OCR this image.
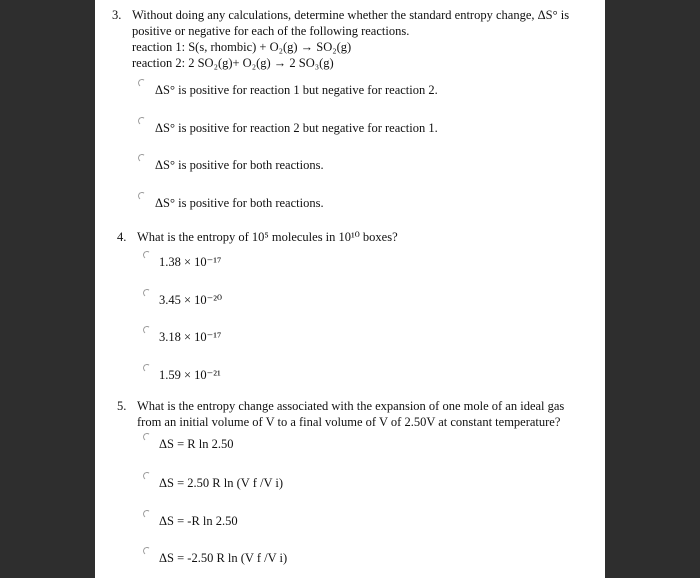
3. Without doing any calculations, determine whether the standard entropy change, ΔS° is
positive or negative for each of the following reactions.
reaction 1: S(s, rhombic) + O₂(g) → SO₂(g)
reaction 2: 2 SO₂(g)+ O₂(g) → 2 SO₃(g)
ΔS° is positive for reaction 1 but negative for reaction 2.
ΔS° is positive for reaction 2 but negative for reaction 1.
ΔS° is positive for both reactions.
ΔS° is positive for both reactions.
4. What is the entropy of 10⁵ molecules in 10¹⁰ boxes?
1.38 × 10⁻¹⁷
3.45 × 10⁻²⁰
3.18 × 10⁻¹⁷
1.59 × 10⁻²¹
5. What is the entropy change associated with the expansion of one mole of an ideal gas
from an initial volume of V to a final volume of V of 2.50V at constant temperature?
ΔS = R ln 2.50
ΔS = 2.50 R ln (V f /V i)
ΔS = -R ln 2.50
ΔS = -2.50 R ln (V f /V i)
